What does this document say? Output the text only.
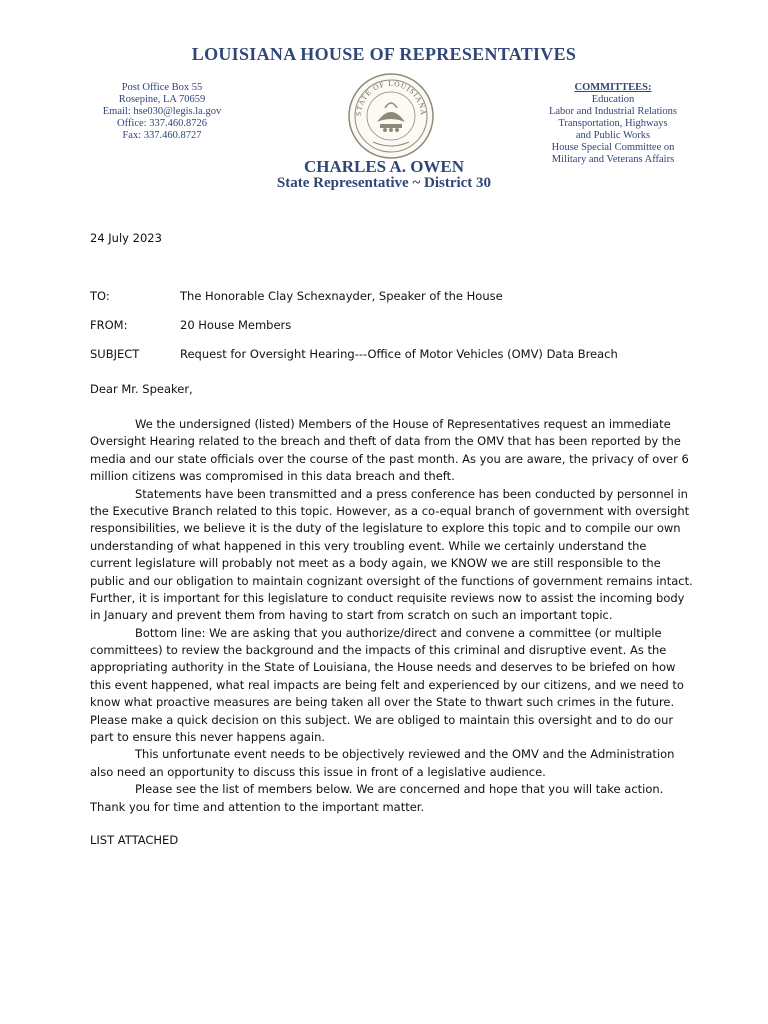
LOUISIANA HOUSE OF REPRESENTATIVES
Post Office Box 55
Rosepine, LA 70659
Email: hse030@legis.la.gov
Office: 337.460.8726
Fax: 337.460.8727
STATE OF LOUISIANA
COMMITTEES:
Education
Labor and Industrial Relations
Transportation, Highways
and Public Works
House Special Committee on
Military and Veterans Affairs
CHARLES A. OWEN
State Representative ~ District 30
24 July 2023
TO:	The Honorable Clay Schexnayder, Speaker of the House
FROM:	20 House Members
SUBJECT	Request for Oversight Hearing---Office of Motor Vehicles (OMV) Data Breach
Dear Mr. Speaker,
We the undersigned (listed) Members of the House of Representatives request an immediate
Oversight Hearing related to the breach and theft of data from the OMV that has been reported by the
media and our state officials over the course of the past month. As you are aware, the privacy of over 6
million citizens was compromised in this data breach and theft.
Statements have been transmitted and a press conference has been conducted by personnel in
the Executive Branch related to this topic. However, as a co-equal branch of government with oversight
responsibilities, we believe it is the duty of the legislature to explore this topic and to compile our own
understanding of what happened in this very troubling event. While we certainly understand the
current legislature will probably not meet as a body again, we KNOW we are still responsible to the
public and our obligation to maintain cognizant oversight of the functions of government remains intact.
Further, it is important for this legislature to conduct requisite reviews now to assist the incoming body
in January and prevent them from having to start from scratch on such an important topic.
Bottom line: We are asking that you authorize/direct and convene a committee (or multiple
committees) to review the background and the impacts of this criminal and disruptive event. As the
appropriating authority in the State of Louisiana, the House needs and deserves to be briefed on how
this event happened, what real impacts are being felt and experienced by our citizens, and we need to
know what proactive measures are being taken all over the State to thwart such crimes in the future.
Please make a quick decision on this subject. We are obliged to maintain this oversight and to do our
part to ensure this never happens again.
This unfortunate event needs to be objectively reviewed and the OMV and the Administration
also need an opportunity to discuss this issue in front of a legislative audience.
Please see the list of members below. We are concerned and hope that you will take action.
Thank you for time and attention to the important matter.
LIST ATTACHED
